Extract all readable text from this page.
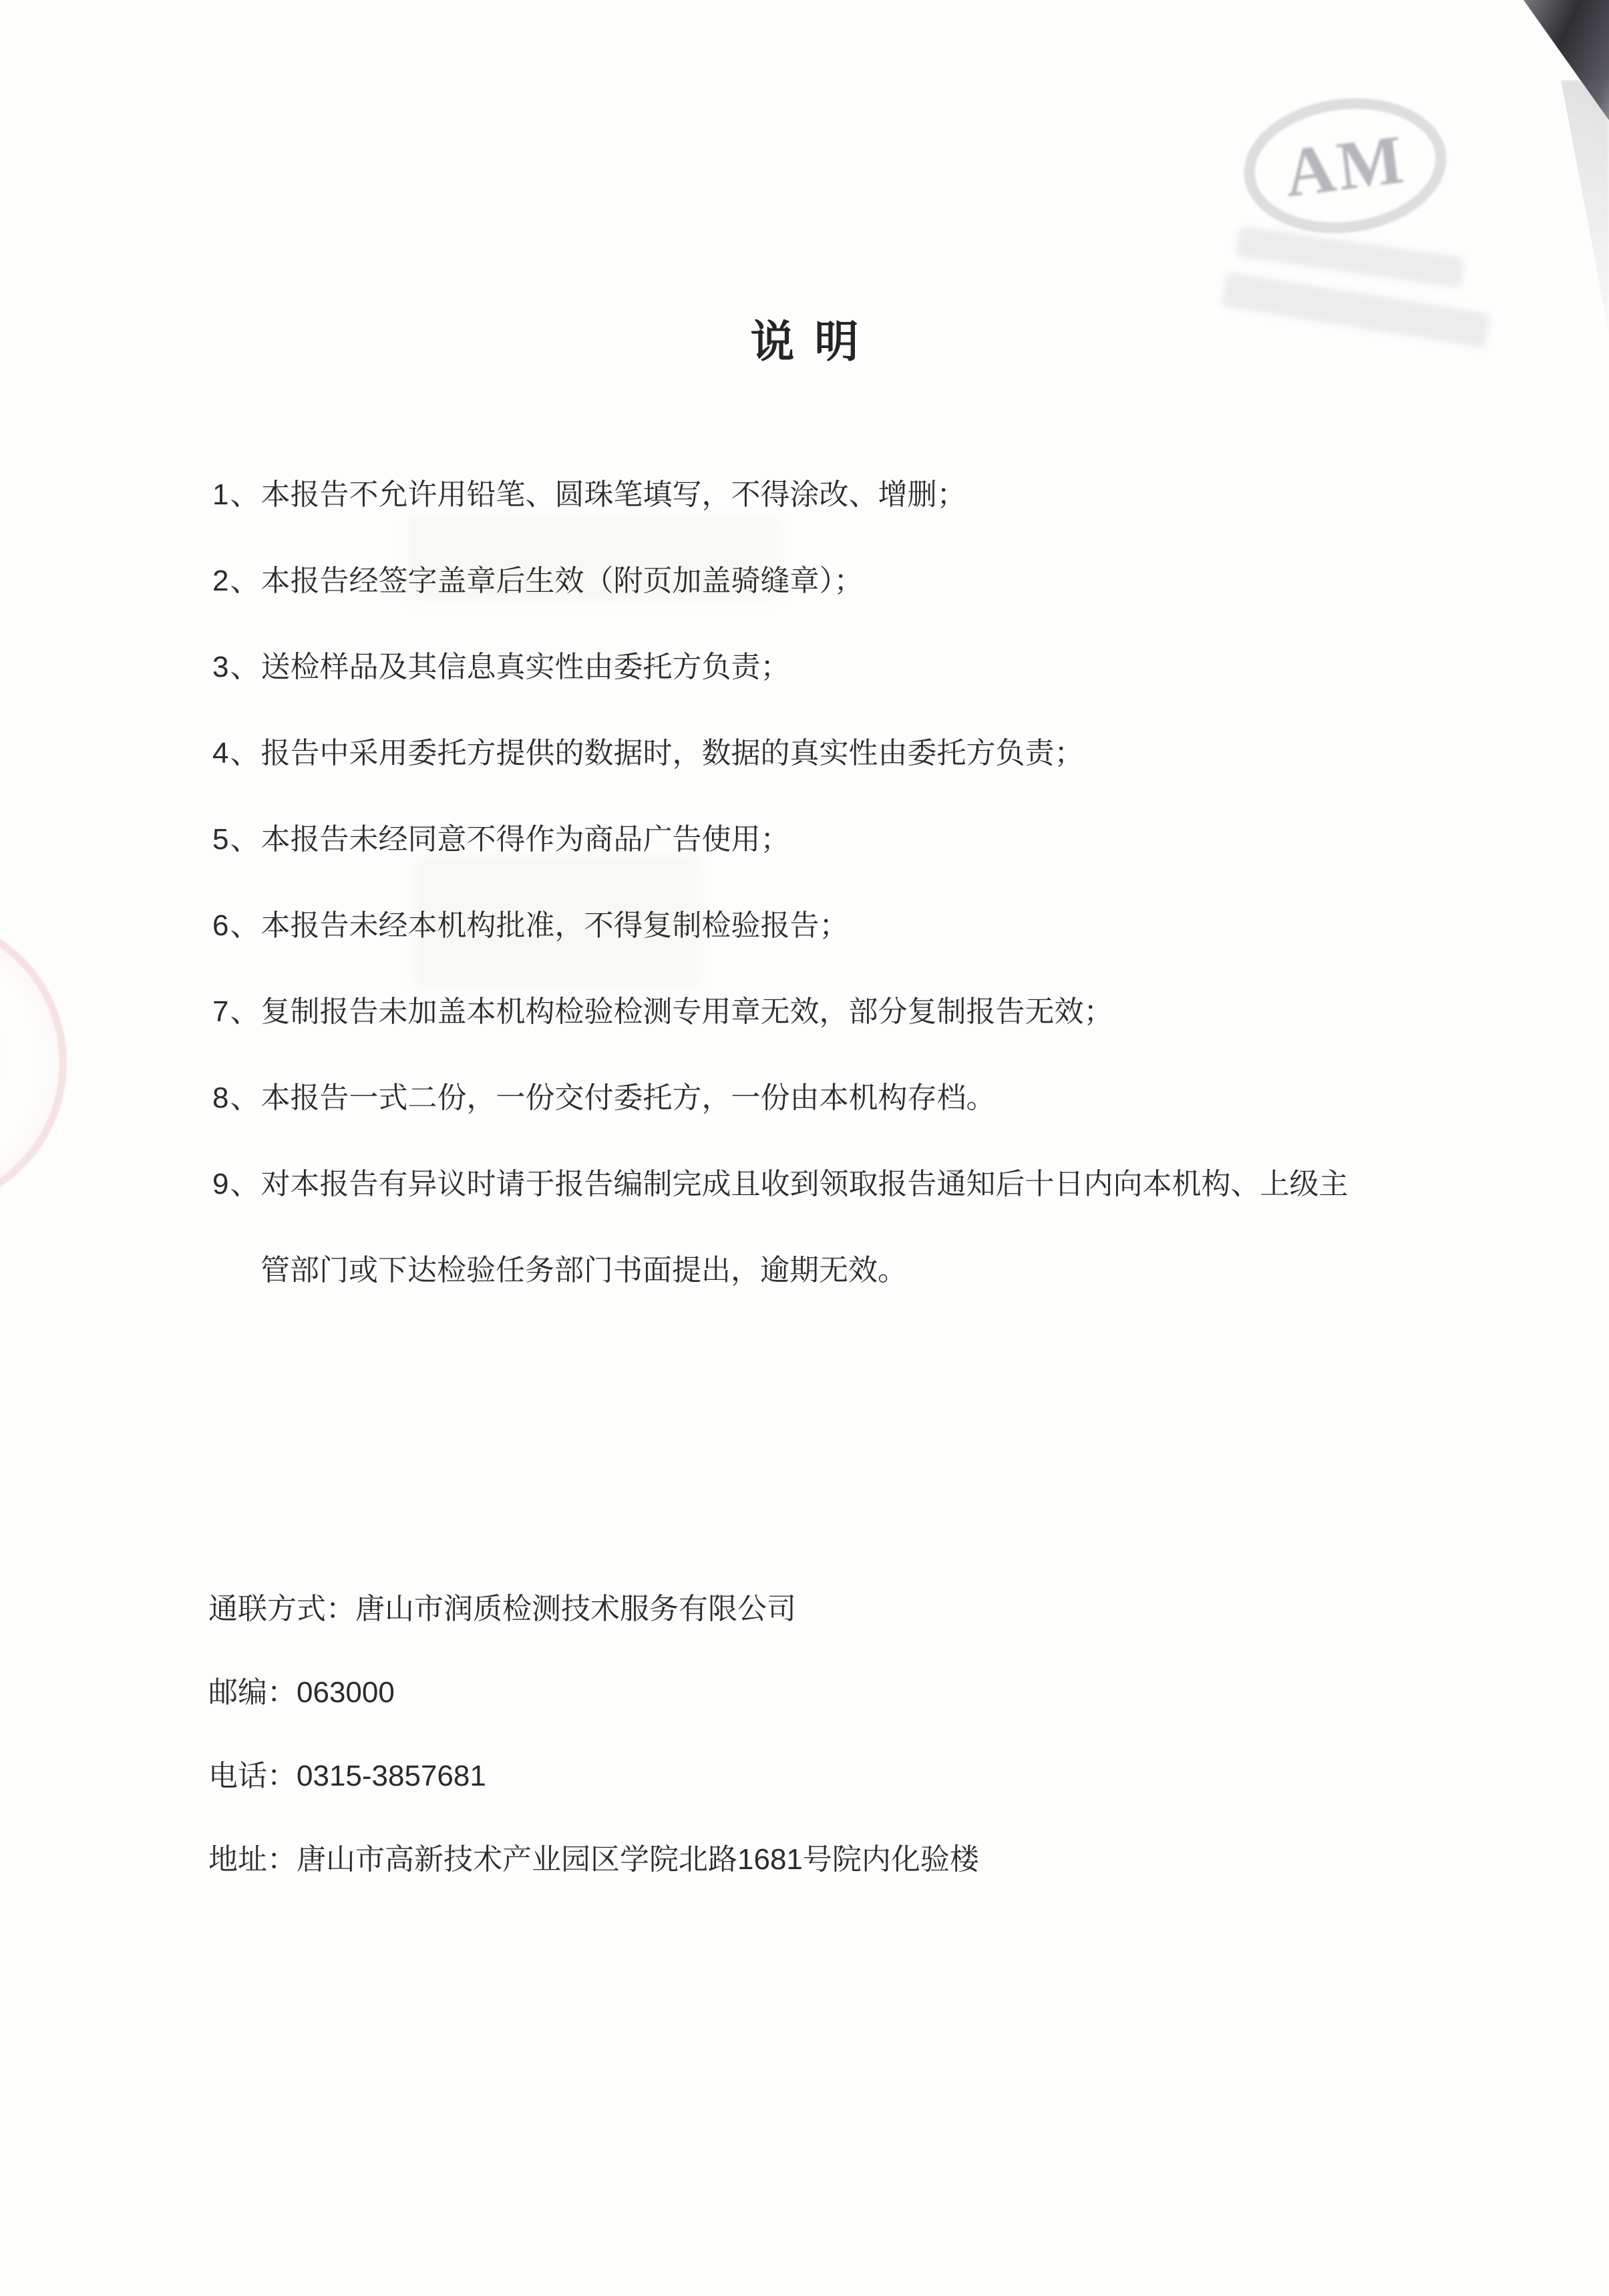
AM
说明
1、本报告不允许用铅笔、圆珠笔填写，不得涂改、增删；
2、本报告经签字盖章后生效（附页加盖骑缝章）；
3、送检样品及其信息真实性由委托方负责；
4、报告中采用委托方提供的数据时，数据的真实性由委托方负责；
5、本报告未经同意不得作为商品广告使用；
6、本报告未经本机构批准，不得复制检验报告；
7、复制报告未加盖本机构检验检测专用章无效，部分复制报告无效；
8、本报告一式二份，一份交付委托方，一份由本机构存档。
9、对本报告有异议时请于报告编制完成且收到领取报告通知后十日内向本机构、上级主管部门或下达检验任务部门书面提出，逾期无效。
通联方式：唐山市润质检测技术服务有限公司
邮编：063000
电话：0315-3857681
地址：唐山市高新技术产业园区学院北路1681号院内化验楼
